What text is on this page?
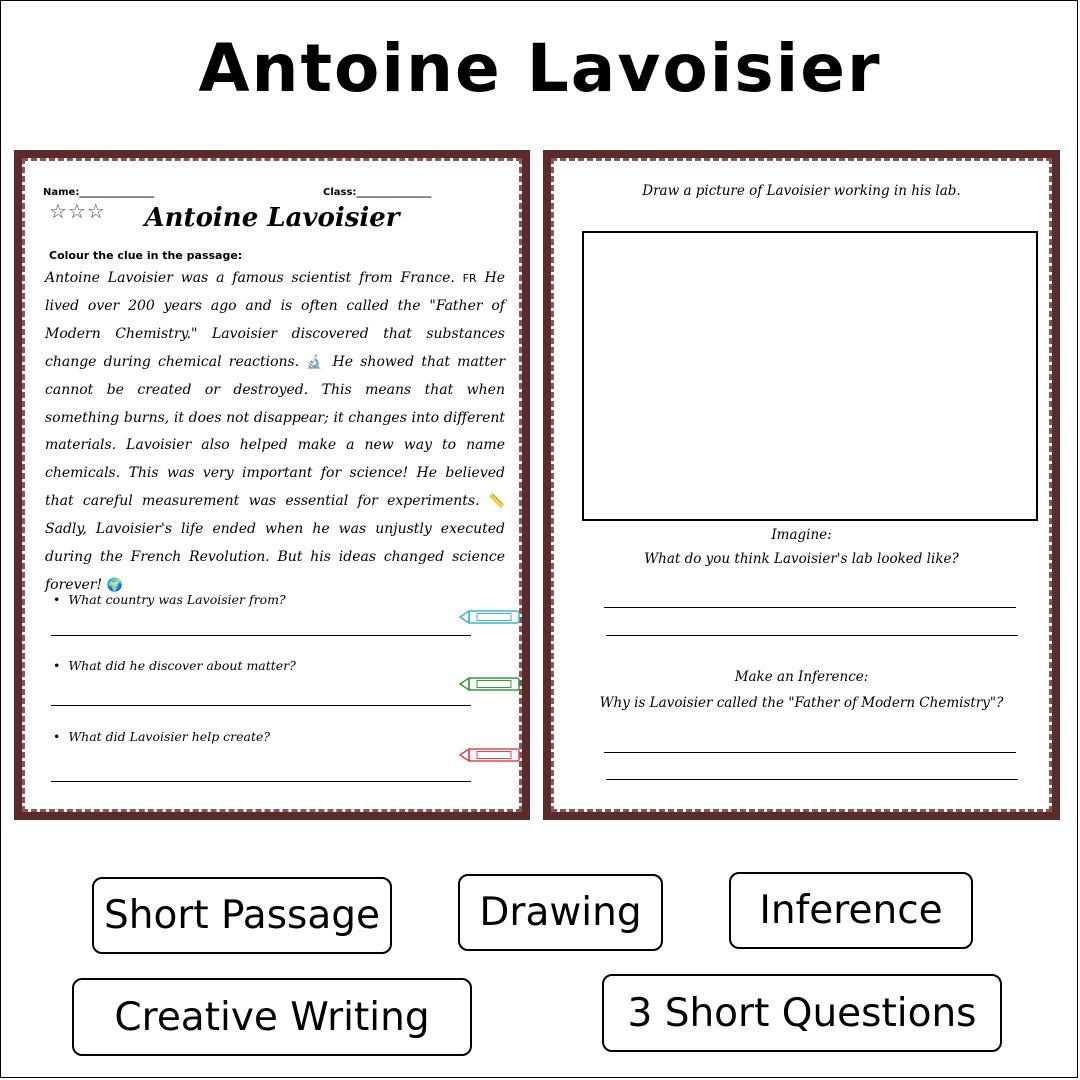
Antoine Lavoisier
Name:_______________	Class:_______________
☆☆☆	Antoine Lavoisier
Colour the clue in the passage:
Antoine Lavoisier was a famous scientist from France. FR He lived over 200 years ago and is often called the "Father of Modern Chemistry." Lavoisier discovered that substances change during chemical reactions. 🔬 He showed that matter cannot be created or destroyed. This means that when something burns, it does not disappear; it changes into different materials. Lavoisier also helped make a new way to name chemicals. This was very important for science! He believed that careful measurement was essential for experiments. 📏 Sadly, Lavoisier's life ended when he was unjustly executed during the French Revolution. But his ideas changed science forever! 🌍
• What country was Lavoisier from?
• What did he discover about matter?
• What did Lavoisier help create?
Draw a picture of Lavoisier working in his lab.
Imagine:
What do you think Lavoisier's lab looked like?
Make an Inference:
Why is Lavoisier called the "Father of Modern Chemistry"?
Short Passage	Drawing	Inference
Creative Writing	3 Short Questions
